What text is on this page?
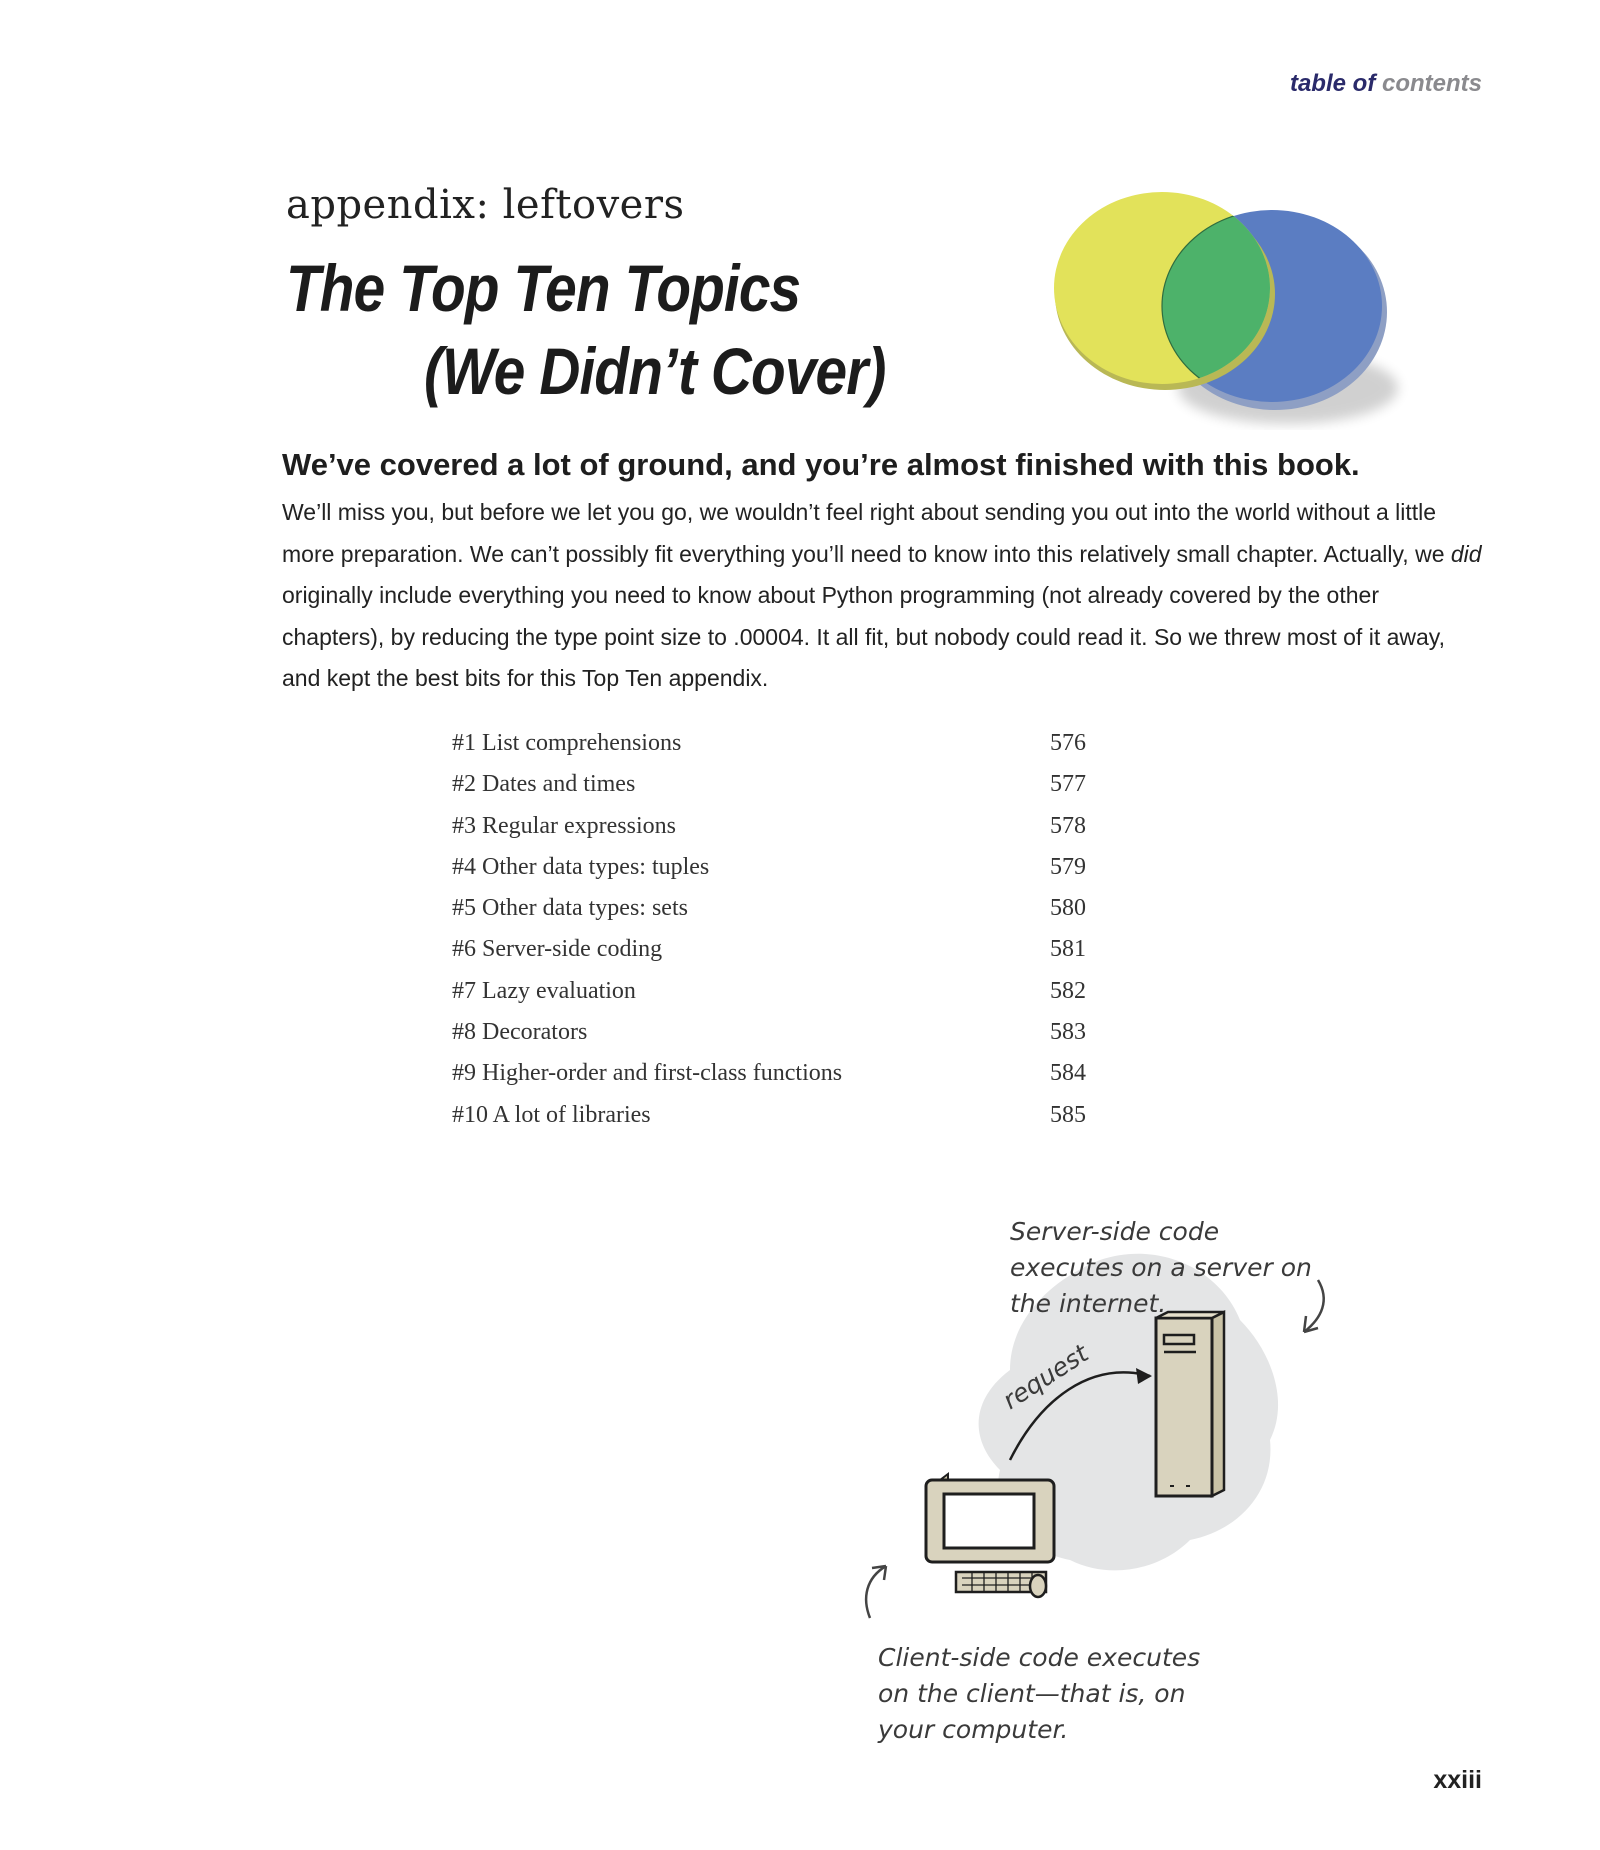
table of contents
appendix: leftovers
The Top Ten Topics
(We Didn’t Cover)

We’ve covered a lot of ground, and you’re almost finished with this book.

We’ll miss you, but before we let you go, we wouldn’t feel right about sending you out into the world without a little more preparation. We can’t possibly fit everything you’ll need to know into this relatively small chapter. Actually, we did originally include everything you need to know about Python programming (not already covered by the other chapters), by reducing the type point size to .00004. It all fit, but nobody could read it. So we threw most of it away, and kept the best bits for this Top Ten appendix.

#1 List comprehensions	576
#2 Dates and times	577
#3 Regular expressions	578
#4 Other data types: tuples	579
#5 Other data types: sets	580
#6 Server-side coding	581
#7 Lazy evaluation	582
#8 Decorators	583
#9 Higher-order and first-class functions	584
#10 A lot of libraries	585
Server-side code
executes on a server on
the internet.
request
Client-side code executes
on the client—that is, on
your computer.
xxiii
